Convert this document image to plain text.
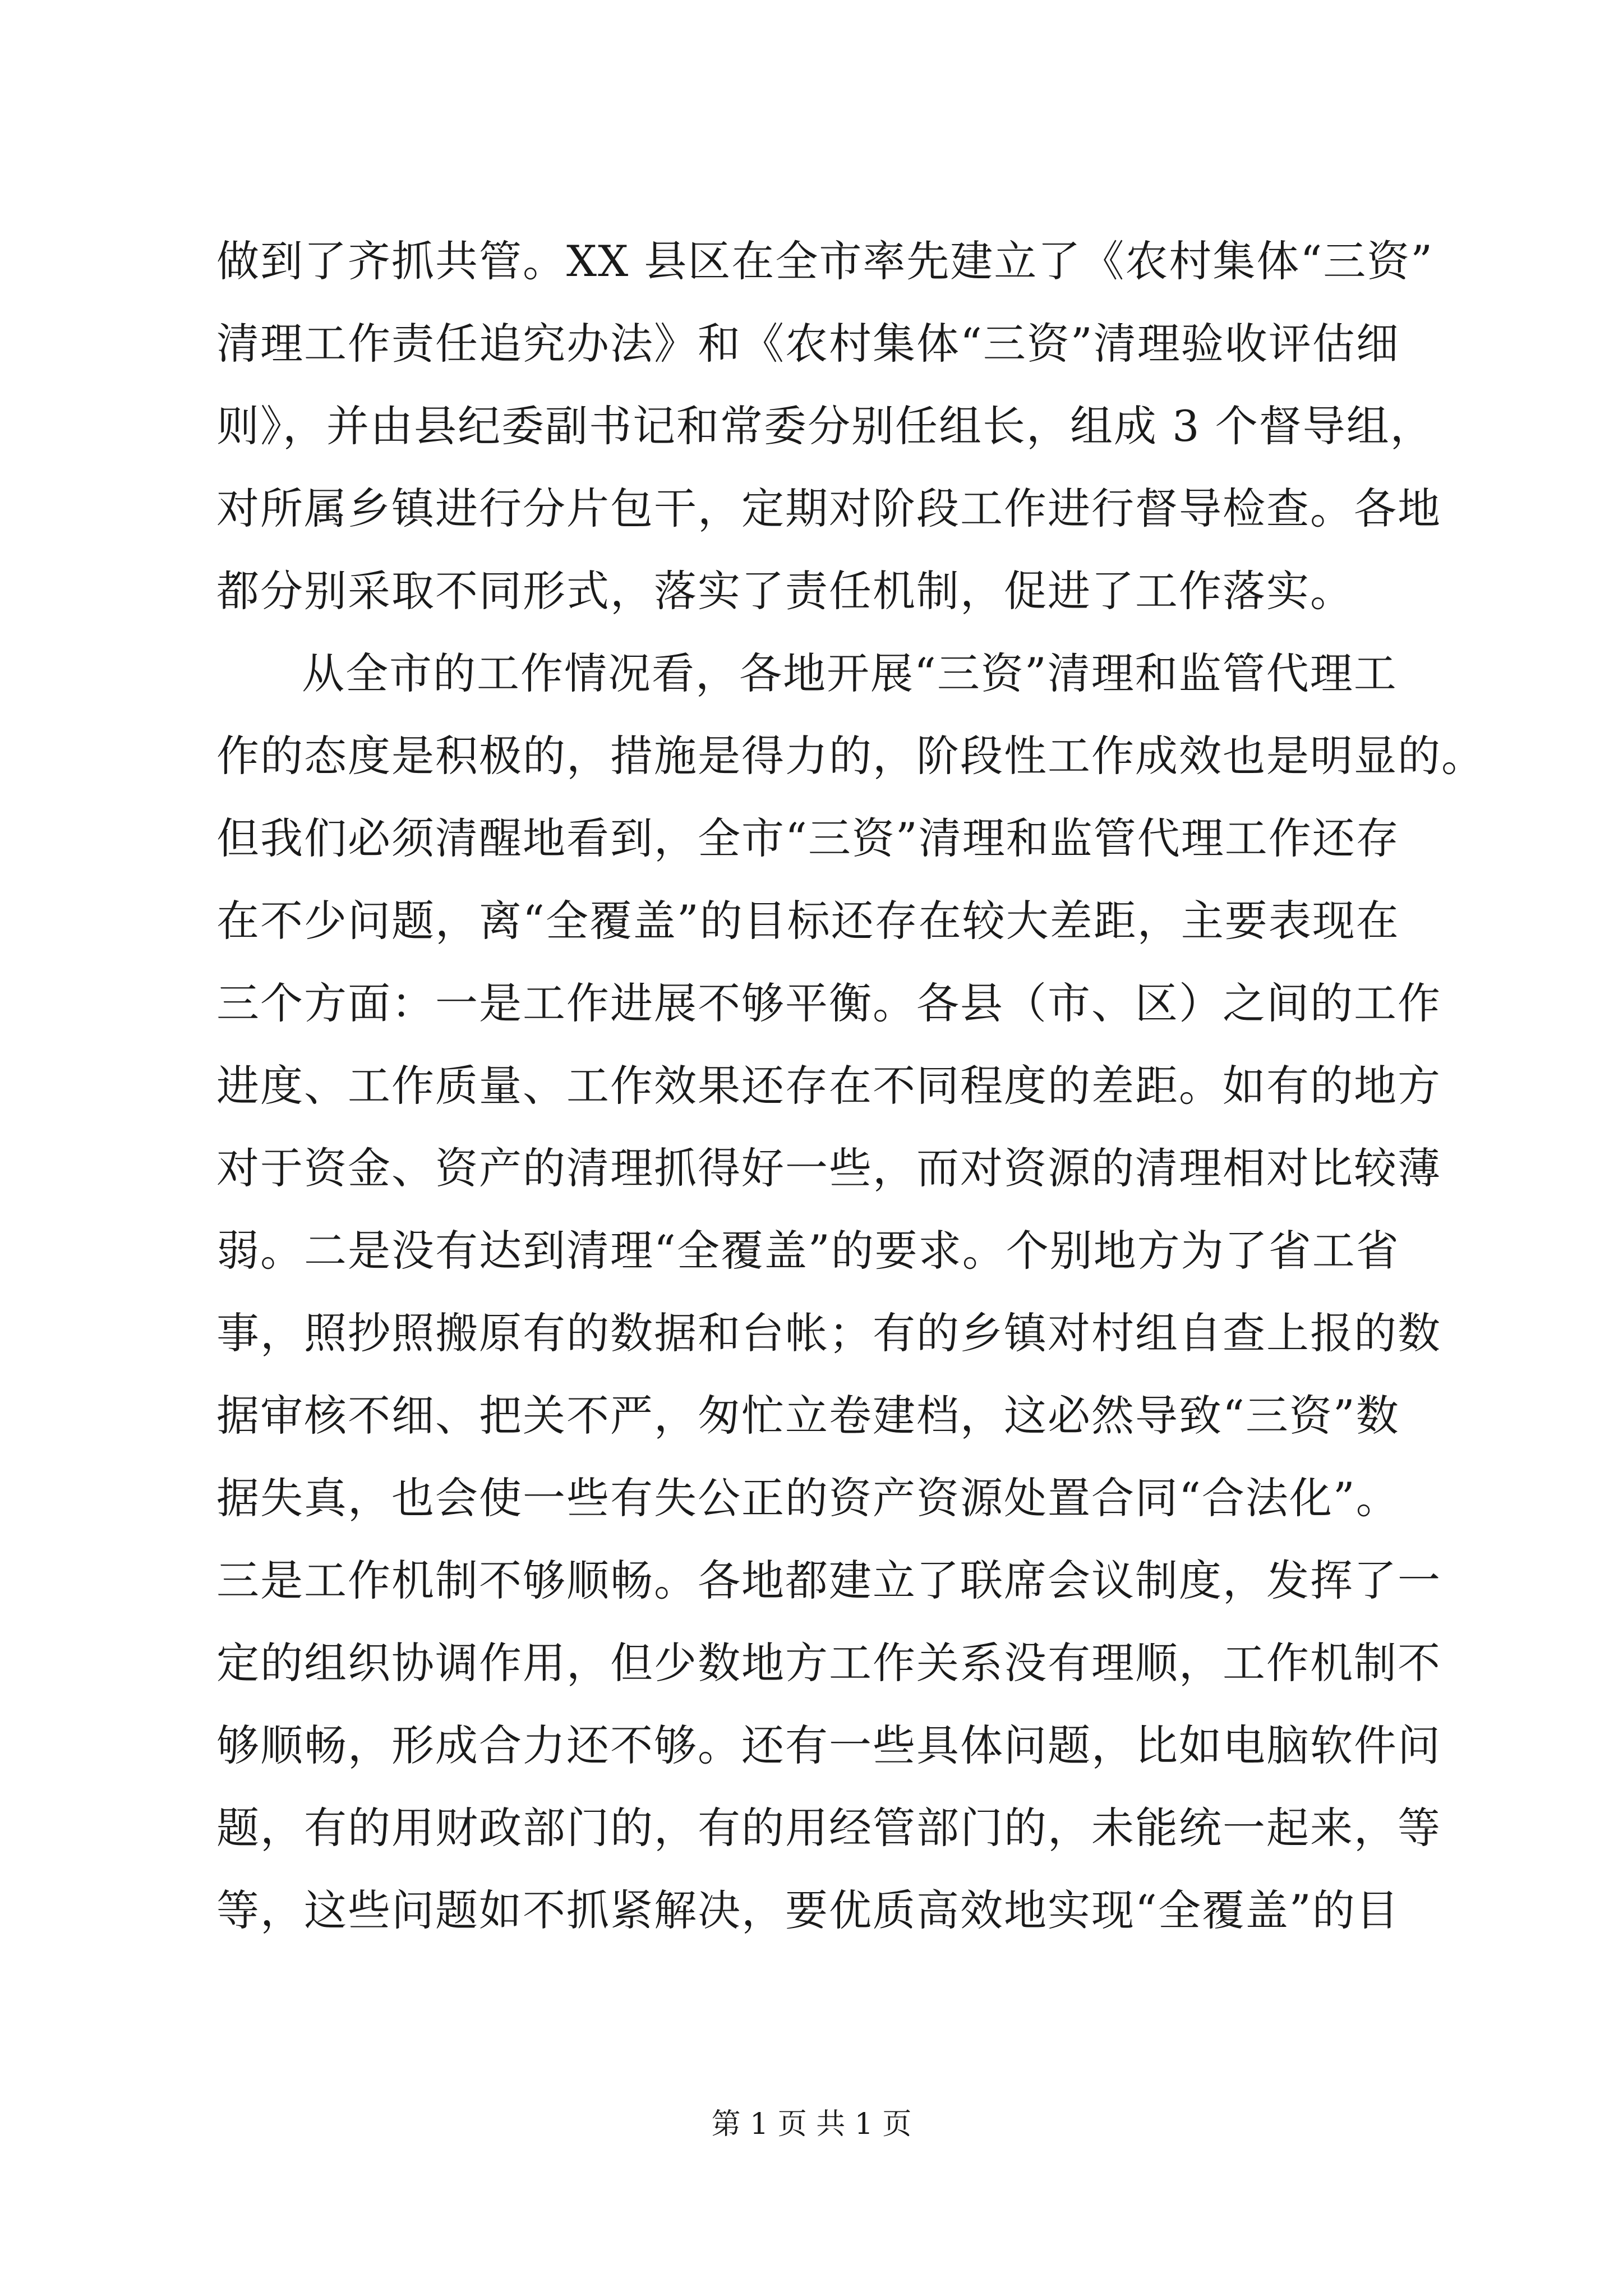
做到了齐抓共管。XX 县区在全市率先建立了《农村集体“三资”
清理工作责任追究办法》和《农村集体“三资”清理验收评估细
则》，并由县纪委副书记和常委分别任组长，组成 3 个督导组，
对所属乡镇进行分片包干，定期对阶段工作进行督导检查。各地
都分别采取不同形式，落实了责任机制，促进了工作落实。
从全市的工作情况看，各地开展“三资”清理和监管代理工
作的态度是积极的，措施是得力的，阶段性工作成效也是明显的。
但我们必须清醒地看到，全市“三资”清理和监管代理工作还存
在不少问题，离“全覆盖”的目标还存在较大差距，主要表现在
三个方面：一是工作进展不够平衡。各县（市、区）之间的工作
进度、工作质量、工作效果还存在不同程度的差距。如有的地方
对于资金、资产的清理抓得好一些，而对资源的清理相对比较薄
弱。二是没有达到清理“全覆盖”的要求。个别地方为了省工省
事，照抄照搬原有的数据和台帐；有的乡镇对村组自查上报的数
据审核不细、把关不严，匆忙立卷建档，这必然导致“三资”数
据失真，也会使一些有失公正的资产资源处置合同“合法化”。
三是工作机制不够顺畅。各地都建立了联席会议制度，发挥了一
定的组织协调作用，但少数地方工作关系没有理顺，工作机制不
够顺畅，形成合力还不够。还有一些具体问题，比如电脑软件问
题，有的用财政部门的，有的用经管部门的，未能统一起来，等
等，这些问题如不抓紧解决，要优质高效地实现“全覆盖”的目
第 1 页 共 1 页
